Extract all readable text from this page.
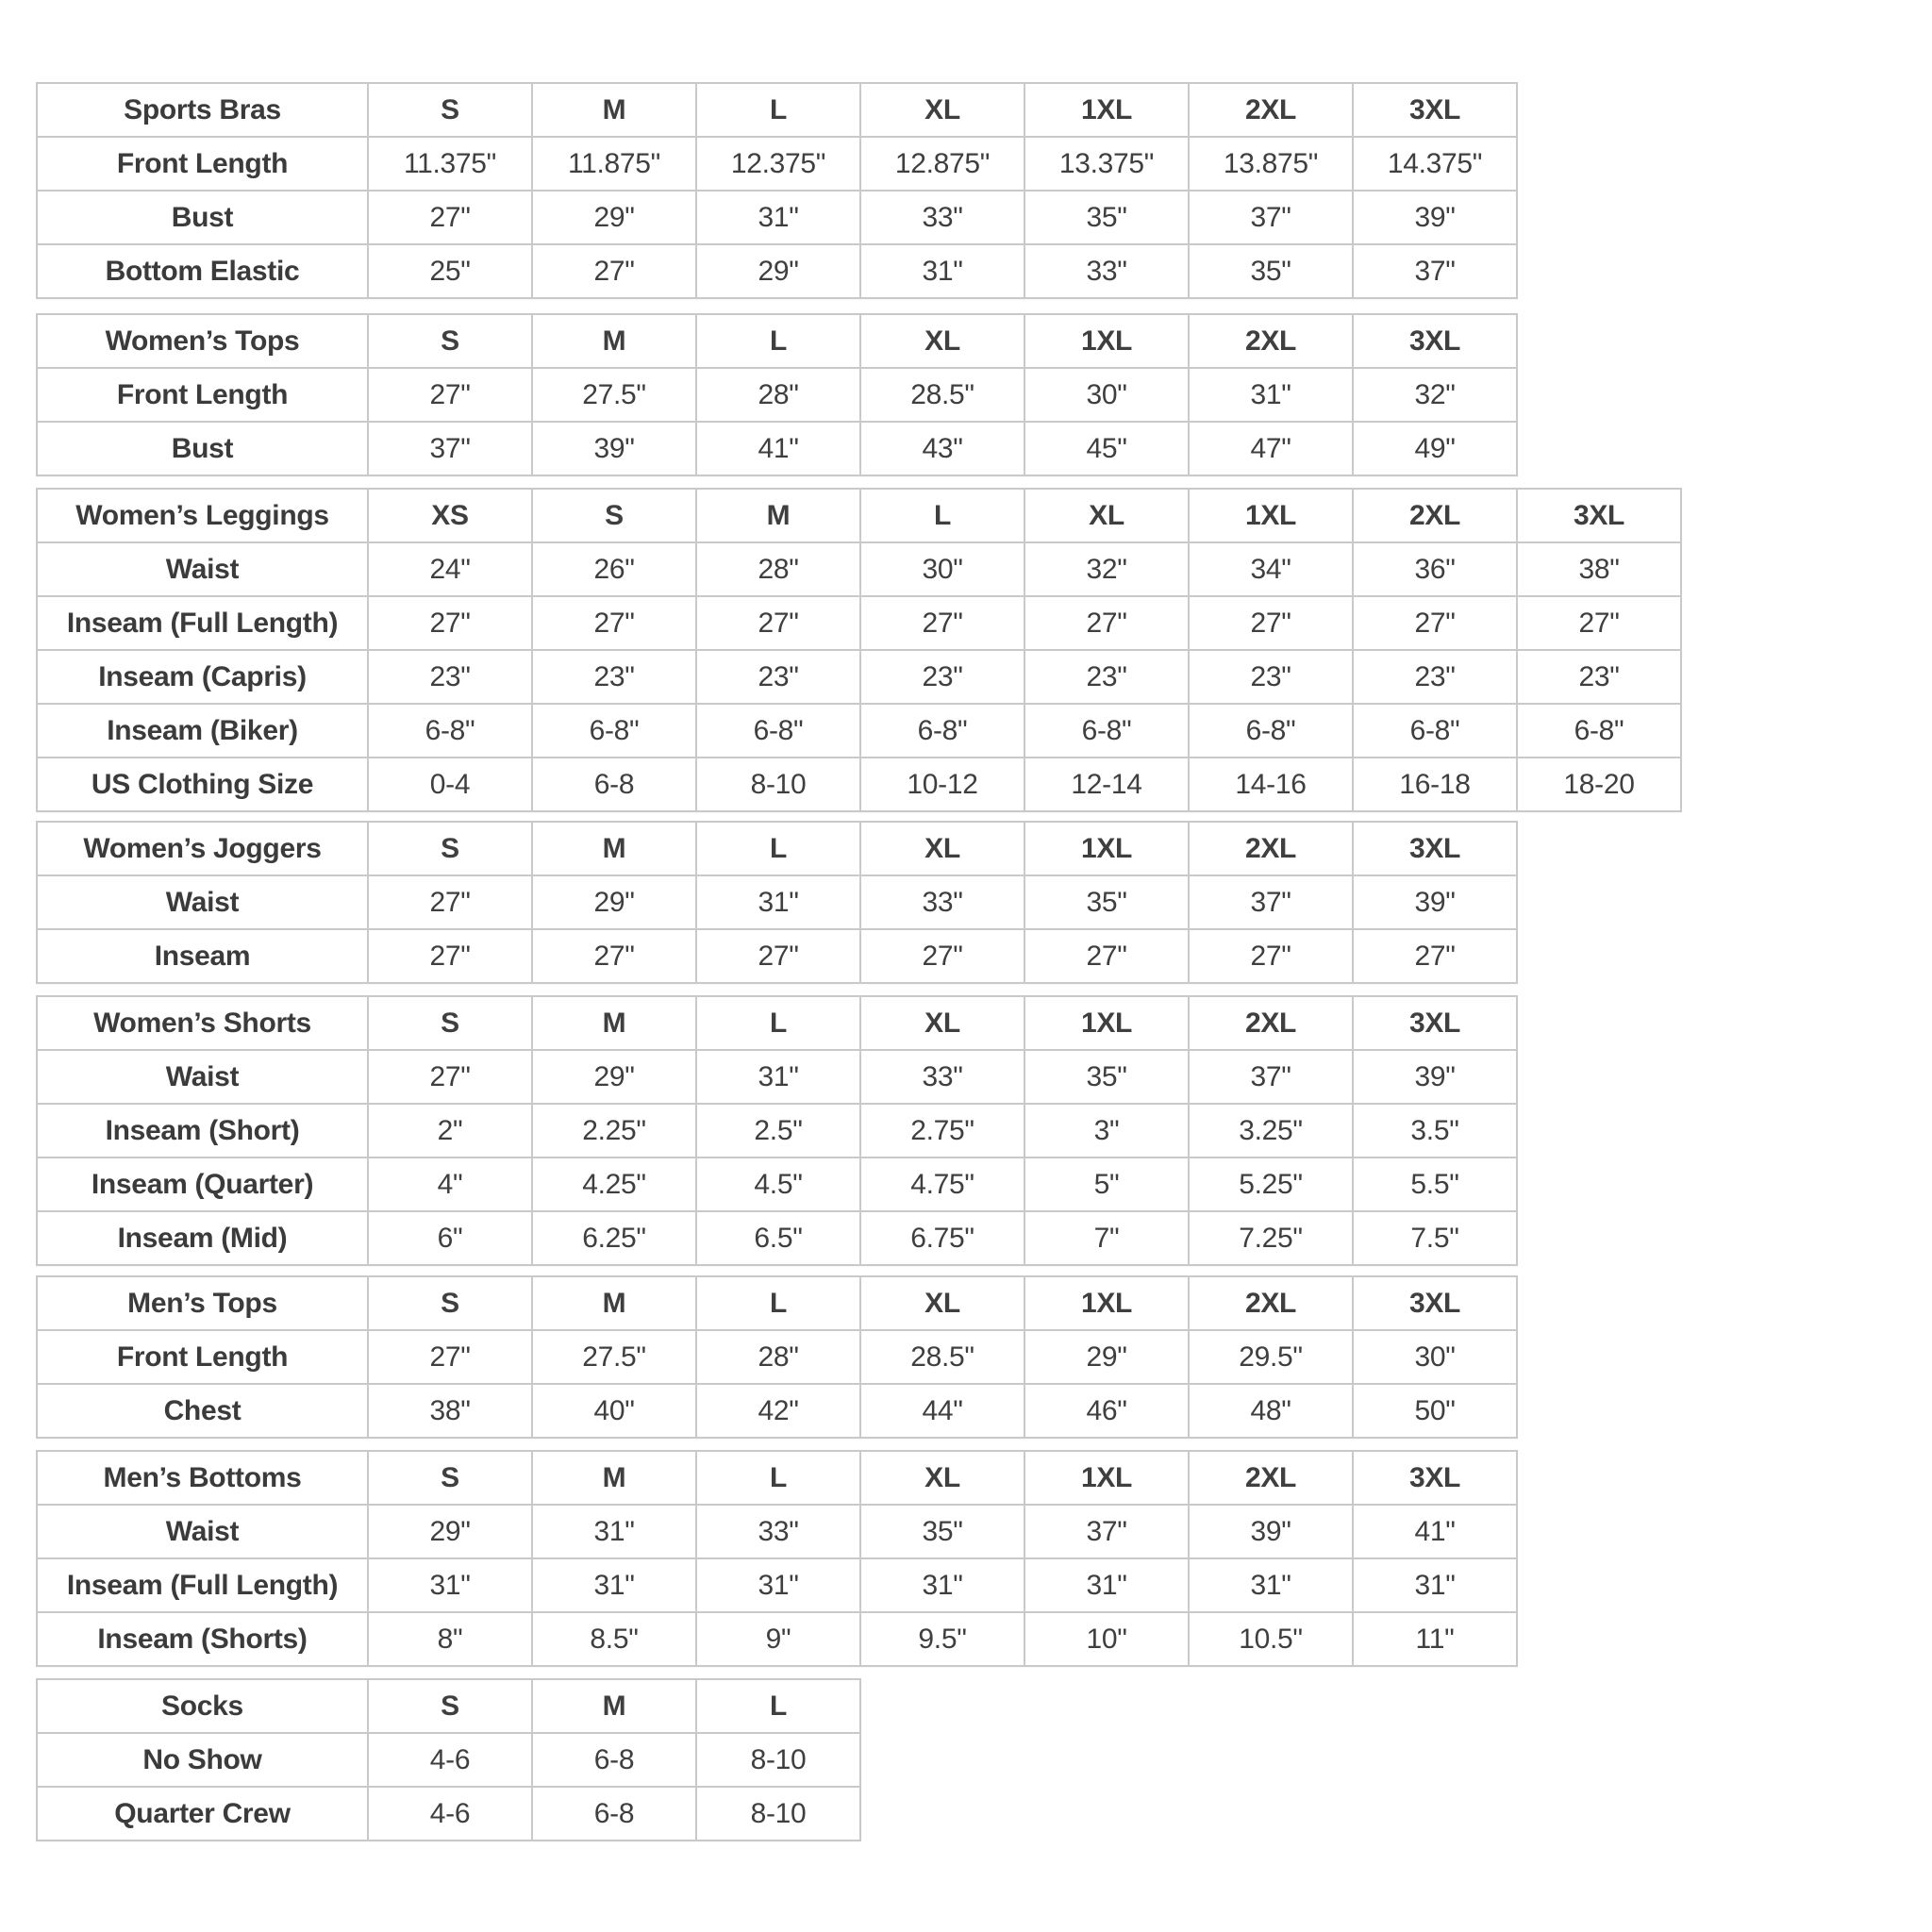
Sports Bras	S	M	L	XL	1XL	2XL	3XL
Front Length	11.375"	11.875"	12.375"	12.875"	13.375"	13.875"	14.375"
Bust	27"	29"	31"	33"	35"	37"	39"
Bottom Elastic	25"	27"	29"	31"	33"	35"	37"
Women’s Tops	S	M	L	XL	1XL	2XL	3XL
Front Length	27"	27.5"	28"	28.5"	30"	31"	32"
Bust	37"	39"	41"	43"	45"	47"	49"
Women’s Leggings	XS	S	M	L	XL	1XL	2XL	3XL
Waist	24"	26"	28"	30"	32"	34"	36"	38"
Inseam (Full Length)	27"	27"	27"	27"	27"	27"	27"	27"
Inseam (Capris)	23"	23"	23"	23"	23"	23"	23"	23"
Inseam (Biker)	6-8"	6-8"	6-8"	6-8"	6-8"	6-8"	6-8"	6-8"
US Clothing Size	0-4	6-8	8-10	10-12	12-14	14-16	16-18	18-20
Women’s Joggers	S	M	L	XL	1XL	2XL	3XL
Waist	27"	29"	31"	33"	35"	37"	39"
Inseam	27"	27"	27"	27"	27"	27"	27"
Women’s Shorts	S	M	L	XL	1XL	2XL	3XL
Waist	27"	29"	31"	33"	35"	37"	39"
Inseam (Short)	2"	2.25"	2.5"	2.75"	3"	3.25"	3.5"
Inseam (Quarter)	4"	4.25"	4.5"	4.75"	5"	5.25"	5.5"
Inseam (Mid)	6"	6.25"	6.5"	6.75"	7"	7.25"	7.5"
Men’s Tops	S	M	L	XL	1XL	2XL	3XL
Front Length	27"	27.5"	28"	28.5"	29"	29.5"	30"
Chest	38"	40"	42"	44"	46"	48"	50"
Men’s Bottoms	S	M	L	XL	1XL	2XL	3XL
Waist	29"	31"	33"	35"	37"	39"	41"
Inseam (Full Length)	31"	31"	31"	31"	31"	31"	31"
Inseam (Shorts)	8"	8.5"	9"	9.5"	10"	10.5"	11"
Socks	S	M	L
No Show	4-6	6-8	8-10
Quarter Crew	4-6	6-8	8-10
